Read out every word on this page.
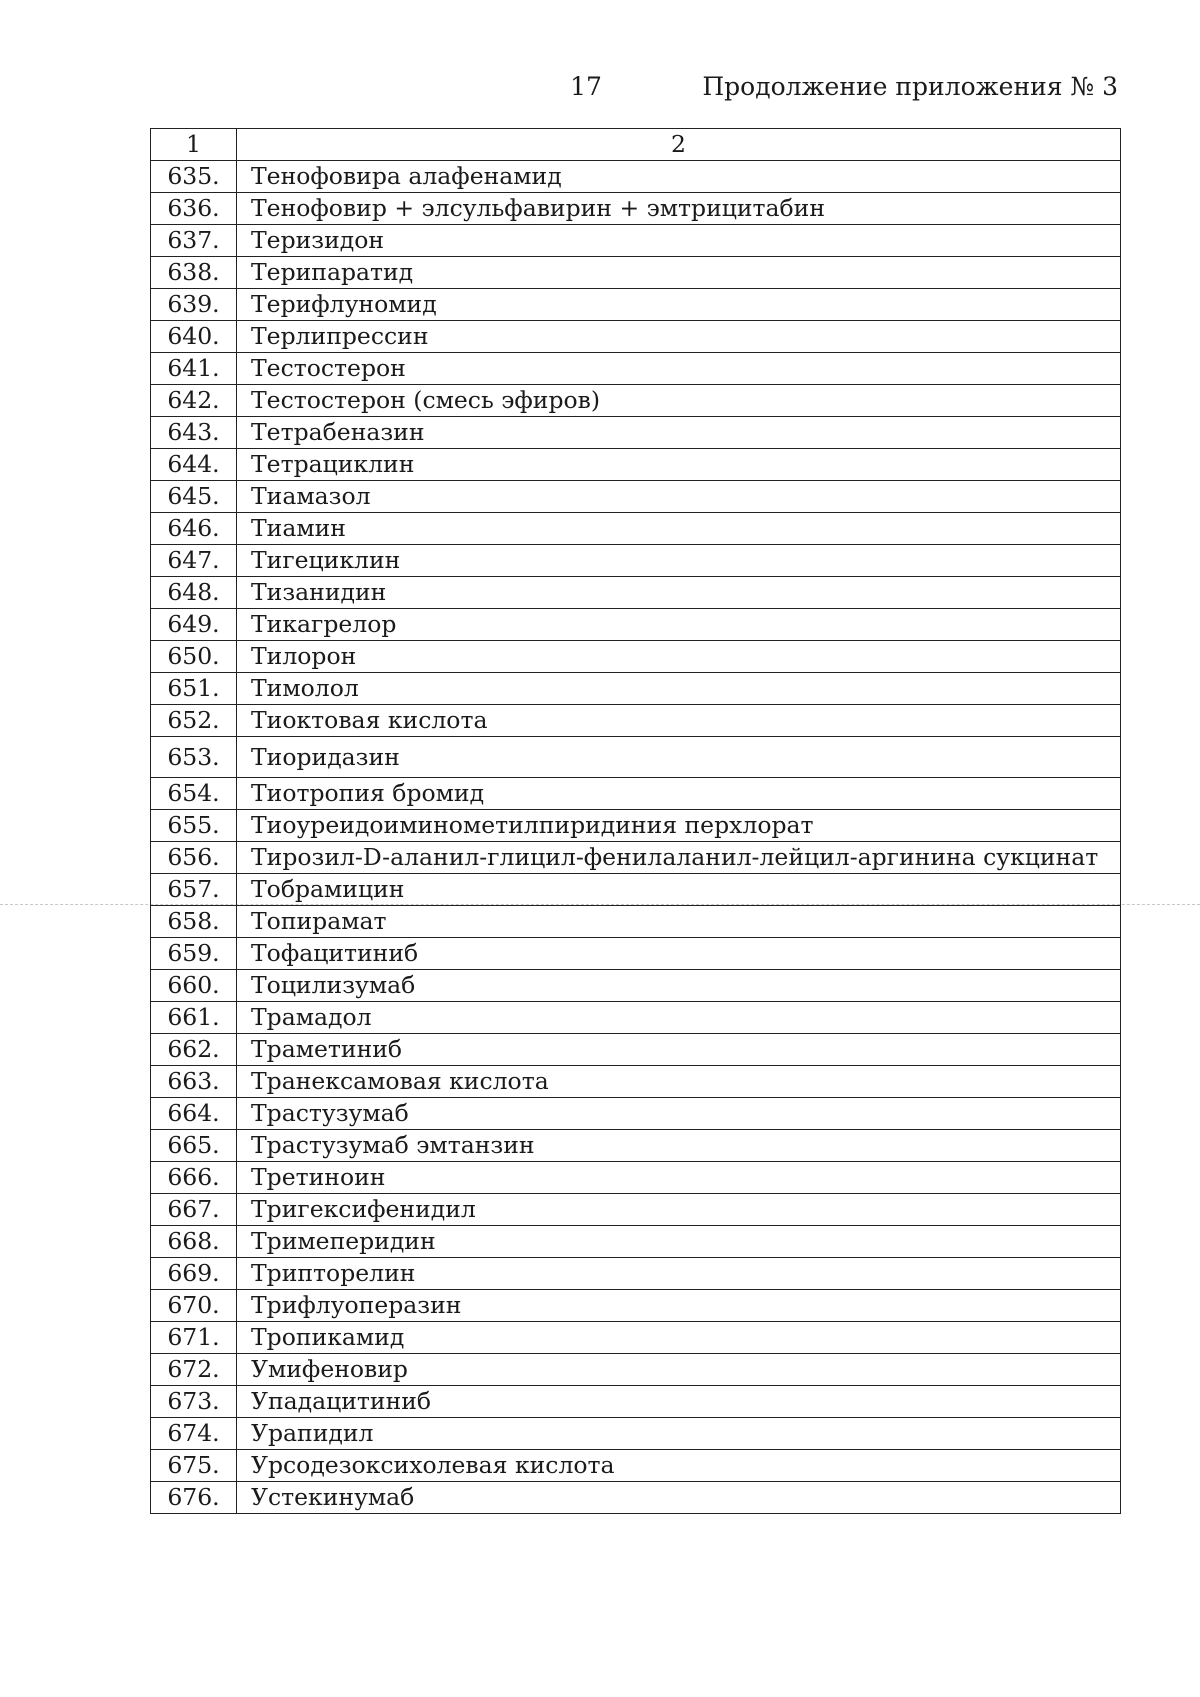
17	Продолжение приложения № 3
1	2
635.	Тенофовира алафенамид
636.	Тенофовир + элсульфавирин + эмтрицитабин
637.	Теризидон
638.	Терипаратид
639.	Терифлуномид
640.	Терлипрессин
641.	Тестостерон
642.	Тестостерон (смесь эфиров)
643.	Тетрабеназин
644.	Тетрациклин
645.	Тиамазол
646.	Тиамин
647.	Тигециклин
648.	Тизанидин
649.	Тикагрелор
650.	Тилорон
651.	Тимолол
652.	Тиоктовая кислота
653.	Тиоридазин
654.	Тиотропия бромид
655.	Тиоуреидоиминометилпиридиния перхлорат
656.	Тирозил-D-аланил-глицил-фенилаланил-лейцил-аргинина сукцинат
657.	Тобрамицин
658.	Топирамат
659.	Тофацитиниб
660.	Тоцилизумаб
661.	Трамадол
662.	Траметиниб
663.	Транексамовая кислота
664.	Трастузумаб
665.	Трастузумаб эмтанзин
666.	Третиноин
667.	Тригексифенидил
668.	Тримеперидин
669.	Трипторелин
670.	Трифлуоперазин
671.	Тропикамид
672.	Умифеновир
673.	Упадацитиниб
674.	Урапидил
675.	Урсодезоксихолевая кислота
676.	Устекинумаб
